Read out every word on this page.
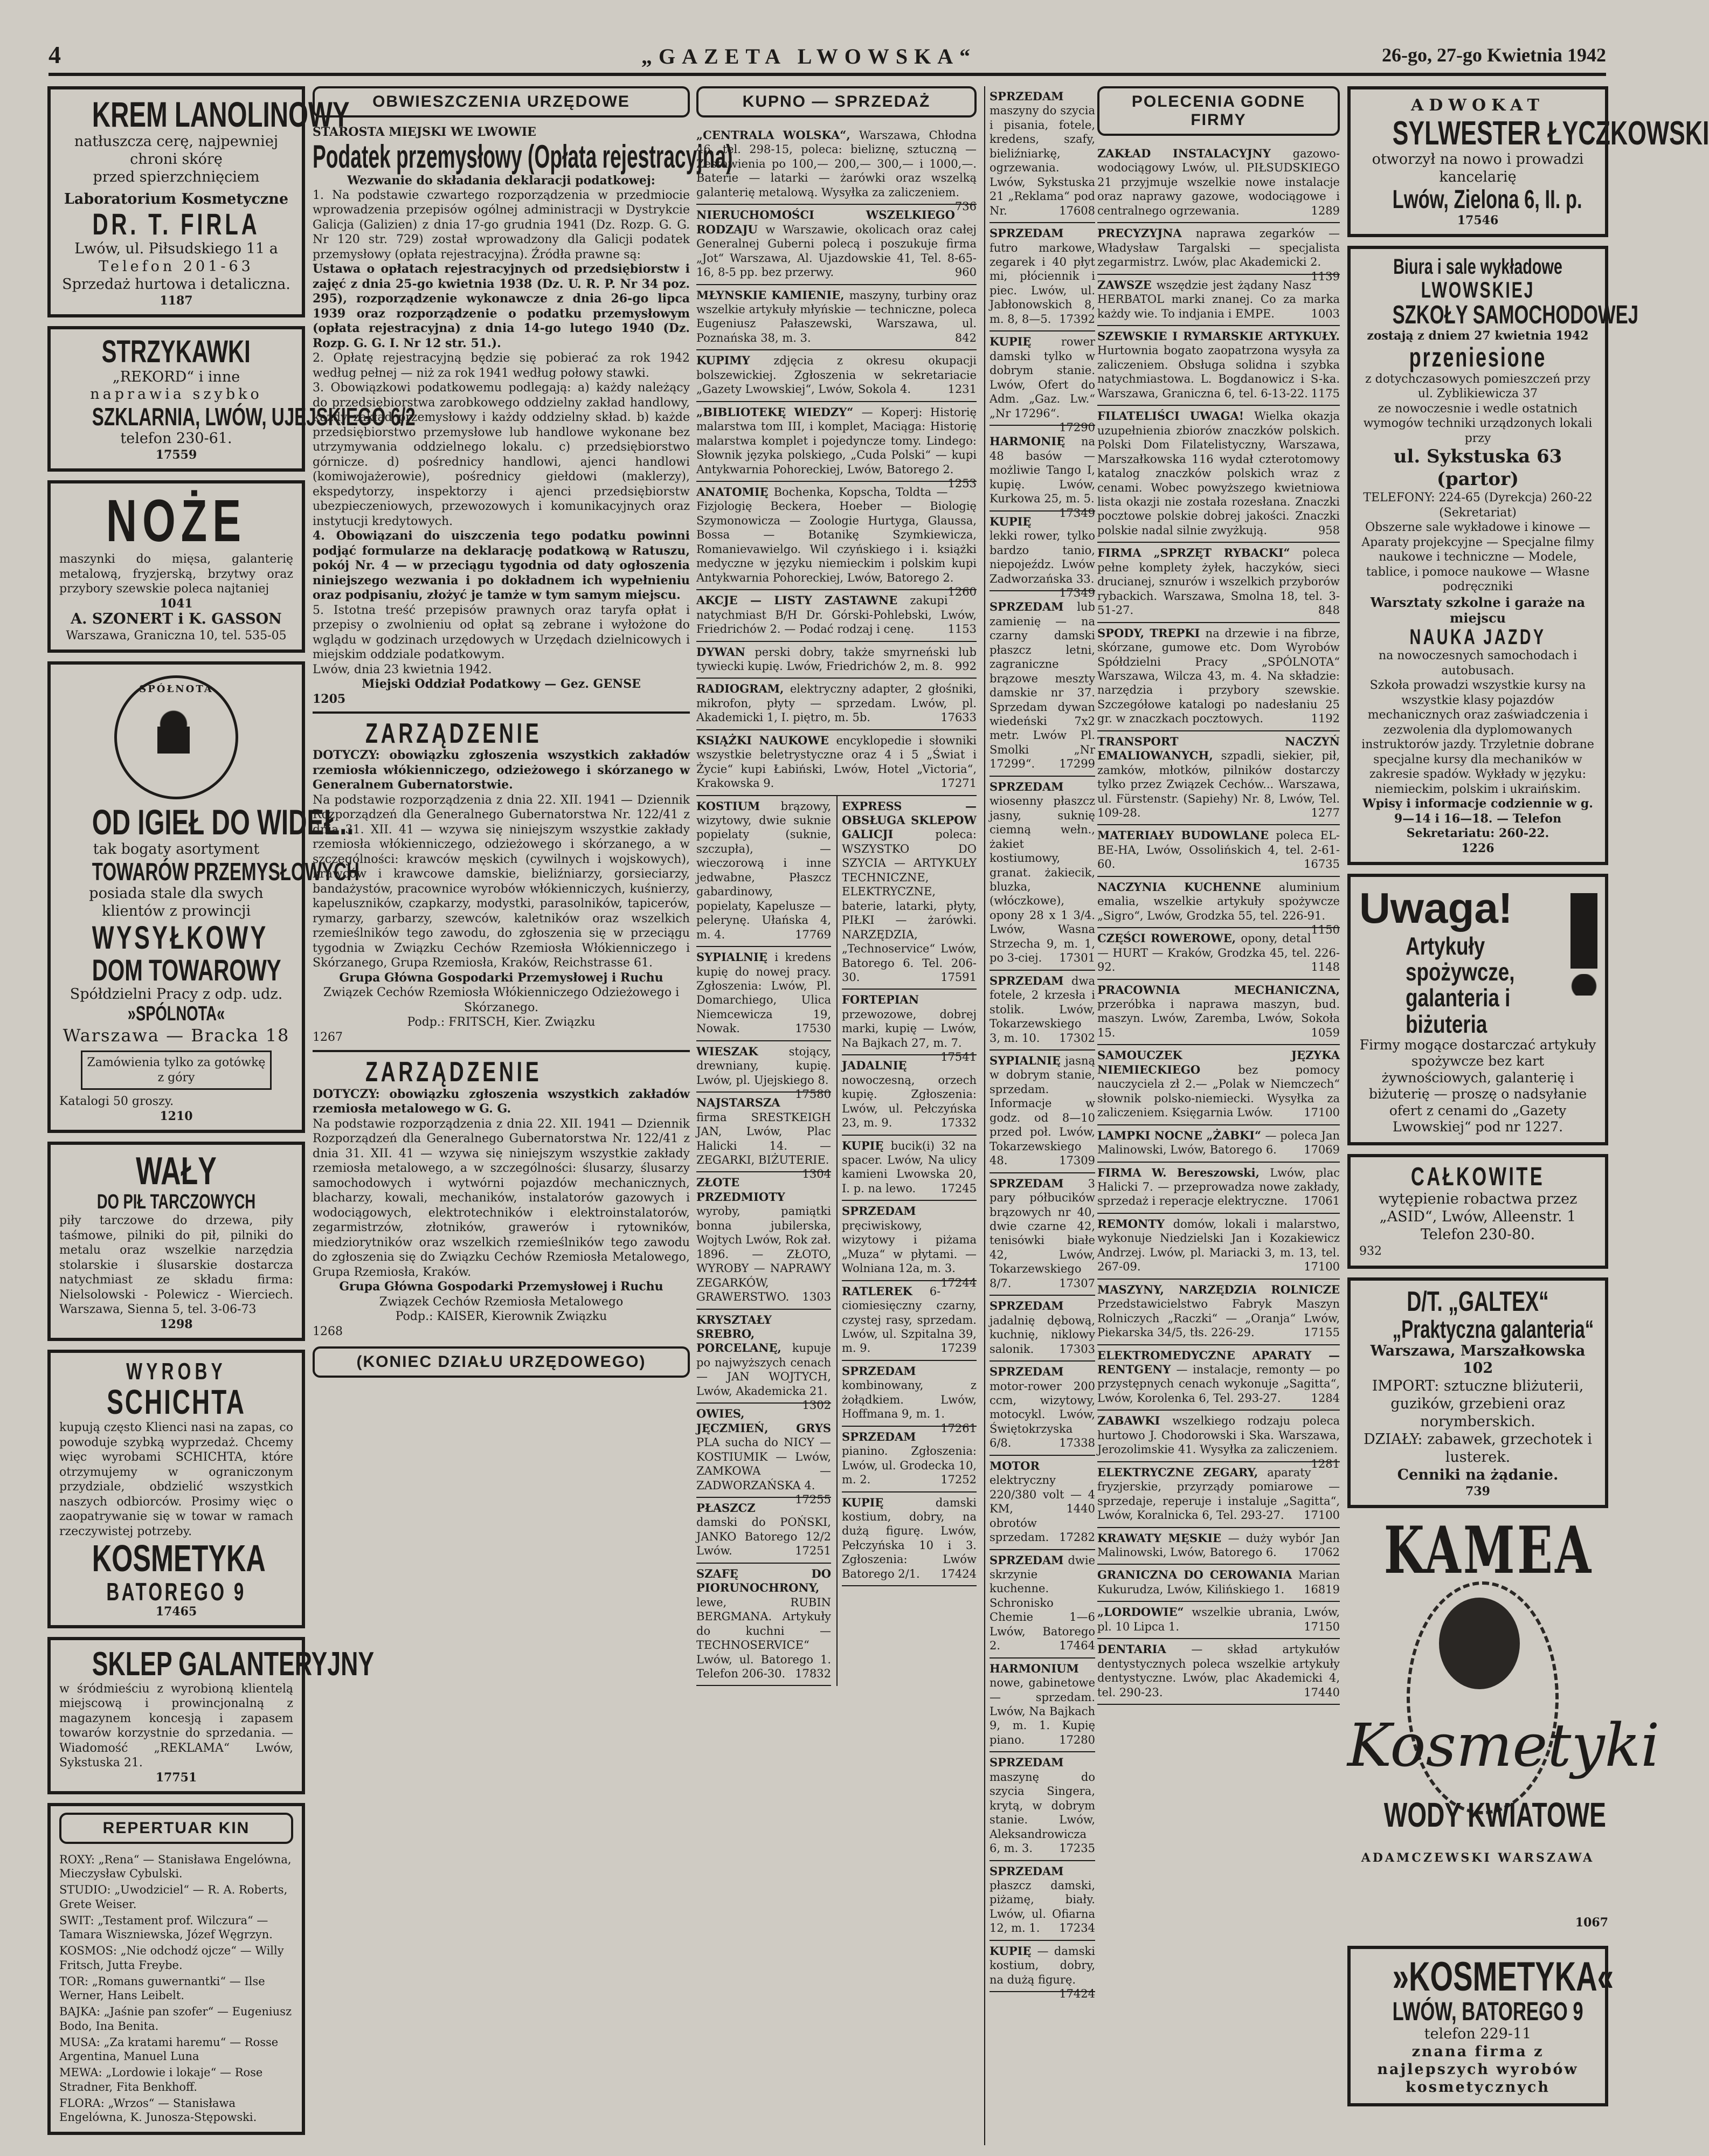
4	„GAZETA LWOWSKA“	26-go, 27-go Kwietnia 1942
KREM LANOLINOWY
natłuszcza cerę, najpewniej chroni skórę
przed spierzchnięciem
Laboratorium Kosmetyczne
DR. T. FIRLA
Lwów, ul. Piłsudskiego 11 a
Telefon 201-63
Sprzedaż hurtowa i detaliczna.
1187
STRZYKAWKI
„REKORD“ i inne
naprawia szybko
SZKLARNIA, LWÓW, UJEJSKIEGO 6/2
telefon 230-61.
17559
NOŻE
maszynki do mięsa, galanterię metalową, fryzjerską, brzytwy oraz przybory szewskie poleca najtaniej
1041
A. SZONERT i K. GASSON
Warszawa, Graniczna 10, tel. 535-05
SPÓŁNOTA
OD IGIEŁ DO WIDEŁ..
tak bogaty asortyment
TOWARÓW PRZEMYSŁOWYCH
posiada stale dla swych klientów z prowincji
WYSYŁKOWY
DOM TOWAROWY
Spółdzielni Pracy z odp. udz.
»SPÓLNOTA«
Warszawa — Bracka 18
Zamówienia tylko za gotówkę z góry
Katalogi 50 groszy.
1210
WAŁY
DO PIŁ TARCZOWYCH
piły tarczowe do drzewa, piły taśmowe, pilniki do pił, pilniki do metalu oraz wszelkie narzędzia stolarskie i ślusarskie dostarcza natychmiast ze składu firma: Nielsolowski - Polewicz - Wierciech. Warszawa, Sienna 5, tel. 3-06-73
1298
WYROBY
SCHICHTA
kupują często Klienci nasi na zapas, co powoduje szybką wyprzedaż. Chcemy więc wyrobami SCHICHTA, które otrzymujemy w ograniczonym przydziale, obdzielić wszystkich naszych odbiorców. Prosimy więc o zaopatrywanie się w towar w ramach rzeczywistej potrzeby.
KOSMETYKA
BATOREGO 9
17465
SKLEP GALANTERYJNY
w śródmieściu z wyrobioną klientelą miejscową i prowincjonalną z magazynem koncesją i zapasem towarów korzystnie do sprzedania. — Wiadomość „REKLAMA“ Lwów, Sykstuska 21.
17751
REPERTUAR KIN
ROXY: „Rena“ — Stanisława Engelówna, Mieczysław Cybulski.
STUDIO: „Uwodziciel“ — R. A. Roberts, Grete Weiser.
SWIT: „Testament prof. Wilczura“ — Tamara Wiszniewska, Józef Węgrzyn.
KOSMOS: „Nie odchodź ojcze“ — Willy Fritsch, Jutta Freybe.
TOR: „Romans guwernantki“ — Ilse Werner, Hans Leibelt.
BAJKA: „Jaśnie pan szofer“ — Eugeniusz Bodo, Ina Benita.
MUSA: „Za kratami haremu“ — Rosse Argentina, Manuel Luna
MEWA: „Lordowie i lokaje“ — Rose Stradner, Fita Benkhoff.
FLORA: „Wrzos“ — Stanisława Engelówna, K. Junosza-Stępowski.
OBWIESZCZENIA URZĘDOWE
STAROSTA MIEJSKI WE LWOWIE
Podatek przemysłowy (Opłata rejestracyjna)
Wezwanie do składania deklaracji podatkowej:
1. Na podstawie czwartego rozporządzenia w przedmiocie wprowadzenia przepisów ogólnej administracji w Dystrykcie Galicja (Galizien) z dnia 17-go grudnia 1941 (Dz. Rozp. G. G. Nr 120 str. 729) został wprowadzony dla Galicji podatek przemysłowy (opłata rejestracyjna). Źródła prawne są:
Ustawa o opłatach rejestracyjnych od przedsiębiorstw i zajęć z dnia 25-go kwietnia 1938 (Dz. U. R. P. Nr 34 poz. 295), rozporządzenie wykonawcze z dnia 26-go lipca 1939 oraz rozporządzenie o podatku przemysłowym (opłata rejestracyjna) z dnia 14-go lutego 1940 (Dz. Rozp. G. G. I. Nr 12 str. 51.).
2. Opłatę rejestracyjną będzie się pobierać za rok 1942 według pełnej — niż za rok 1941 według połowy stawki.
3. Obowiązkowi podatkowemu podlegają: a) każdy należący do przedsiębiorstwa zarobkowego oddzielny zakład handlowy, każdy zakład przemysłowy i każdy oddzielny skład. b) każde przedsiębiorstwo przemysłowe lub handlowe wykonane bez utrzymywania oddzielnego lokalu. c) przedsiębiorstwo górnicze. d) pośrednicy handlowi, ajenci handlowi (komiwojażerowie), pośrednicy giełdowi (maklerzy), ekspedytorzy, inspektorzy i ajenci przedsiębiorstw ubezpieczeniowych, przewozowych i komunikacyjnych oraz instytucji kredytowych.
4. Obowiązani do uiszczenia tego podatku powinni podjąć formularze na deklarację podatkową w Ratuszu, pokój Nr. 4 — w przeciągu tygodnia od daty ogłoszenia niniejszego wezwania i po dokładnem ich wypełnieniu oraz podpisaniu, złożyć je tamże w tym samym miejscu.
5. Istotna treść przepisów prawnych oraz taryfa opłat i przepisy o zwolnieniu od opłat są zebrane i wyłożone do wglądu w godzinach urzędowych w Urzędach dzielnicowych i miejskim oddziale podatkowym.
Lwów, dnia 23 kwietnia 1942.
Miejski Oddział Podatkowy — Gez. GENSE
1205
ZARZĄDZENIE
DOTYCZY: obowiązku zgłoszenia wszystkich zakładów rzemiosła włókienniczego, odzieżowego i skórzanego w Generalnem Gubernatorstwie.
Na podstawie rozporządzenia z dnia 22. XII. 1941 — Dziennik Rozporządzeń dla Generalnego Gubernatorstwa Nr. 122/41 z dnia 31. XII. 41 — wzywa się niniejszym wszystkie zakłady rzemiosła włókienniczego, odzieżowego i skórzanego, a w szczególności: krawców męskich (cywilnych i wojskowych), krawców i krawcowe damskie, bieliźniarzy, gorsieciarzy, bandażystów, pracownice wyrobów włókienniczych, kuśnierzy, kapeluszników, czapkarzy, modystki, parasolników, tapicerów, rymarzy, garbarzy, szewców, kaletników oraz wszelkich rzemieślników tego zawodu, do zgłoszenia się w przeciągu tygodnia w Związku Cechów Rzemiosła Włókienniczego i Skórzanego, Grupa Rzemiosła, Kraków, Reichstrasse 61.
Grupa Główna Gospodarki Przemysłowej i Ruchu
Związek Cechów Rzemiosła Włókienniczego Odzieżowego i Skórzanego.
Podp.: FRITSCH, Kier. Związku
1267
ZARZĄDZENIE
DOTYCZY: obowiązku zgłoszenia wszystkich zakładów rzemiosła metalowego w G. G.
Na podstawie rozporządzenia z dnia 22. XII. 1941 — Dziennik Rozporządzeń dla Generalnego Gubernatorstwa Nr. 122/41 z dnia 31. XII. 41 — wzywa się niniejszym wszystkie zakłady rzemiosła metalowego, a w szczególności: ślusarzy, ślusarzy samochodowych i wytwórni pojazdów mechanicznych, blacharzy, kowali, mechaników, instalatorów gazowych i wodociągowych, elektrotechników i elektroinstalatorów, zegarmistrzów, złotników, grawerów i rytowników, miedziorytników oraz wszelkich rzemieślników tego zawodu do zgłoszenia się do Związku Cechów Rzemiosła Metalowego, Grupa Rzemiosła, Kraków.
Grupa Główna Gospodarki Przemysłowej i Ruchu
Związek Cechów Rzemiosła Metalowego
Podp.: KAISER, Kierownik Związku
1268
(KONIEC DZIAŁU URZĘDOWEGO)
KUPNO — SPRZEDAŻ
„CENTRALA WOLSKA“, Warszawa, Chłodna 46, tel. 298-15, poleca: bieliznę, sztuczną — Zestawienia po 100,— 200,— 300,— i 1000,—. Baterie — latarki — żarówki oraz wszelką galanterię metalową. Wysyłka za zaliczeniem.
736
NIERUCHOMOŚCI WSZELKIEGO RODZAJU w Warszawie, okolicach oraz całej Generalnej Guberni polecą i poszukuje firma „Jot“ Warszawa, Al. Ujazdowskie 41, Tel. 8-65-16, 8-5 pp. bez przerwy.	960
MŁYNSKIE KAMIENIE, maszyny, turbiny oraz wszelkie artykuły młyńskie — techniczne, poleca Eugeniusz Pałaszewski, Warszawa, ul. Poznańska 38, m. 3.	842
KUPIMY zdjęcia z okresu okupacji bolszewickiej. Zgłoszenia w sekretariacie „Gazety Lwowskiej“, Lwów, Sokola 4.	1231
„BIBLIOTEKĘ WIEDZY“ — Koperj: Historię malarstwa tom III, i komplet, Maciąga: Historię malarstwa komplet i pojedyncze tomy. Lindego: Słownik języka polskiego, „Cuda Polski“ — kupi Antykwarnia Pohoreckiej, Lwów, Batorego 2.
1253
ANATOMIĘ Bochenka, Kopscha, Toldta — Fizjologię Beckera, Hoeber — Biologię Szymonowicza — Zoologie Hurtyga, Glaussa, Bossa — Botanikę Szymkiewicza, Romanievawielgo. Wil czyńskiego i i. książki medyczne w języku niemieckim i polskim kupi Antykwarnia Pohoreckiej, Lwów, Batorego 2.
1260
AKCJE — LISTY ZASTAWNE zakupi natychmiast B/H Dr. Górski-Pohlebski, Lwów, Friedrichów 2. — Podać rodzaj i cenę.	1153
DYWAN perski dobry, także smyrneński lub tywiecki kupię. Lwów, Friedrichów 2, m. 8. 992
RADIOGRAM, elektryczny adapter, 2 głośniki, mikrofon, płyty — sprzedam. Lwów, pl. Akademicki 1, I. piętro, m. 5b.	17633
KSIĄŻKI NAUKOWE encyklopedie i słowniki wszystkie beletrystyczne oraz 4 i 5 „Świat i Życie“ kupi Łabiński, Lwów, Hotel „Victoria“, Krakowska 9.	17271
KOSTIUM brązowy, wizytowy, dwie suknie popielaty (suknie, szczupła), — wieczorową i inne jedwabne, Płaszcz gabardinowy, popielaty, Kapelusze — pelerynę. Ułańska 4, m. 4.	17769
SYPIALNIĘ i kredens kupię do nowej pracy. Zgłoszenia: Lwów, Pl. Domarchiego, Ulica Niemcewicza 19, Nowak.	17530
WIESZAK stojący, drewniany, kupię. Lwów, pl. Ujejskiego 8.
17580
NAJSTARSZA firma SRESTKEIGH JAN, Lwów, Plac Halicki 14. — ZEGARKI, BIŻUTERIE.
1304
ZŁOTE PRZEDMIOTY wyroby, pamiątki bonna jubilerska, Wojtych Lwów, Rok zał. 1896. — ZŁOTO, WYROBY — NAPRAWY ZEGARKÓW, GRAWERSTWO. 1303
KRYSZTAŁY SREBRO, PORCELANĘ, kupuje po najwyższych cenach — JAN WOJTYCH, Lwów, Akademicka 21.
1302
OWIES, JĘCZMIEŃ, GRYS PLA sucha do NICY — KOSTIUMIK — Lwów, ZAMKOWA — ZADWORZAŃSKA 4.
17255
PŁASZCZ damski do POŃSKI, JANKO Batorego 12/2 Lwów.	17251
SZAFĘ DO PIORUNOCHRONY, lewe, RUBIN BERGMANA. Artykuły do kuchni — TECHNOSERVICE“ Lwów, ul. Batorego 1. Telefon 206-30. 17832
EXPRESS — OBSŁUGA SKLEPOW GALICJI poleca: WSZYSTKO DO SZYCIA — ARTYKUŁY TECHNICZNE, ELEKTRYCZNE, baterie, latarki, płyty, PIŁKI — żarówki. NARZĘDZIA, „Technoservice“ Lwów, Batorego 6. Tel. 206-30.	17591
FORTEPIAN przewozowe, dobrej marki, kupię — Lwów, Na Bajkach 27, m. 7.
17541
JADALNIĘ nowoczesną, orzech kupię. Zgłoszenia: Lwów, ul. Pełczyńska 23, m. 9.	17332
KUPIĘ bucik(i) 32 na spacer. Lwów, Na ulicy kamieni Lwowska 20, I. p. na lewo. 17245
SPRZEDAM pręciwiskowy, wizytowy i piżama „Muza“ w płytami. — Wolniana 12a, m. 3.
17244
RATLEREK 6-ciomiesięczny czarny, czystej rasy, sprzedam. Lwów, ul. Szpitalna 39, m. 9.	17239
SPRZEDAM kombinowany, z żołądkiem. Lwów, Hoffmana 9, m. 1.
17261
SPRZEDAM pianino. Zgłoszenia: Lwów, ul. Grodecka 10, m. 2.	17252
KUPIĘ damski kostium, dobry, na dużą figurę. Lwów, Pełczyńska 10 i 3. Zgłoszenia: Lwów Batorego 2/1. 17424
SPRZEDAM maszyny do szycia i pisania, fotele, kredens, szafy, bieliźniarkę, ogrzewania. Lwów, Sykstuska 21 „Reklama“ pod Nr.	17608
SPRZEDAM futro markowe, zegarek i 40 płyt mi, płóciennik i piec. Lwów, ul. Jabłonowskich 8, m. 8, 8—5. 17392
KUPIĘ rower damski tylko w dobrym stanie. Lwów, Ofert do Adm. „Gaz. Lw.“ „Nr 17296“.
17290
HARMONIĘ na 48 basów — możliwie Tango I, kupię. Lwów, Kurkowa 25, m. 5.
17349
KUPIĘ lekki rower, tylko bardzo tanio, niepojeźdz. Lwów Zadworzańska 33.
17349
SPRZEDAM lub zamienię — na czarny damski płaszcz letni, zagraniczne brązowe meszty damskie nr 37. Sprzedam dywan wiedeński 7x2 metr. Lwów Pl. Smolki „Nr 17299“. 17299
SPRZEDAM wiosenny płaszcz jasny, suknię ciemną wełn., żakiet kostiumowy, granat. żakiecik, bluzka, (włóczkowe), opony 28 x 1 3/4. Lwów, Wasna Strzecha 9, m. 1, po 3-ciej. 17301
SPRZEDAM dwa fotele, 2 krzesła i stolik. Lwów, Tokarzewskiego 3, m. 10. 17302
SYPIALNIĘ jasną w dobrym stanie, sprzedam. Informacje w godz. od 8—10 przed poł. Lwów, Tokarzewskiego 48.	17309
SPRZEDAM 3 pary półbucików brązowych nr 40, dwie czarne 42, tenisówki białe 42, Lwów, Tokarzewskiego 8/7.	17307
SPRZEDAM jadalnię dębową, kuchnię, niklowy salonik. 17303
SPRZEDAM motor-rower 200 ccm, wizytowy, motocykl. Lwów, Świętokrzyska 6/8.	17338
MOTOR elektryczny 220/380 volt — 4 KM, 1440 obrotów sprzedam. 17282
SPRZEDAM dwie skrzynie kuchenne. Schronisko Chemie 1—6 Lwów, Batorego 2.	17464
HARMONIUM nowe, gabinetowe — sprzedam. Lwów, Na Bajkach 9, m. 1. Kupię piano.	17280
SPRZEDAM maszynę do szycia Singera, krytą, w dobrym stanie. Lwów, Aleksandrowicza 6, m. 3. 17235
SPRZEDAM płaszcz damski, piżamę, biały. Lwów, ul. Ofiarna 12, m. 1. 17234
KUPIĘ — damski kostium, dobry, na dużą figurę.
17424
POLECENIA GODNE FIRMY
ZAKŁAD INSTALACYJNY gazowo-wodociągowy Lwów, ul. PIŁSUDSKIEGO 21 przyjmuje wszelkie nowe instalacje oraz naprawy gazowe, wodociągowe i centralnego ogrzewania.	1289
PRECYZYJNA naprawa zegarków — Władysław Targalski — specjalista zegarmistrz. Lwów, plac Akademicki 2.
1139
ZAWSZE wszędzie jest żądany Nasz HERBATOL marki znanej. Co za marka każdy wie. To indjania i EMPE.	1003
SZEWSKIE I RYMARSKIE ARTYKUŁY. Hurtownia bogato zaopatrzona wysyła za zaliczeniem. Obsługa solidna i szybka natychmiastowa. L. Bogdanowicz i S-ka. Warszawa, Graniczna 6, tel. 6-13-22. 1175
FILATELIŚCI UWAGA! Wielka okazja uzupełnienia zbiorów znaczków polskich. Polski Dom Filatelistyczny, Warszawa, Marszałkowska 116 wydał czterotomowy katalog znaczków polskich wraz z cenami. Wobec powyższego kwietniowa lista okazji nie została rozesłana. Znaczki pocztowe polskie dobrej jakości. Znaczki polskie nadal silnie zwyżkują.	958
FIRMA „SPRZĘT RYBACKI“ poleca pełne komplety żyłek, haczyków, sieci drucianej, sznurów i wszelkich przyborów rybackich. Warszawa, Smolna 18, tel. 3-51-27.	848
SPODY, TREPKI na drzewie i na fibrze, skórzane, gumowe etc. Dom Wyrobów Spółdzielni Pracy „SPÓLNOTA“ Warszawa, Wilcza 43, m. 4. Na składzie: narzędzia i przybory szewskie. Szczegółowe katalogi po nadesłaniu 25 gr. w znaczkach pocztowych.	1192
TRANSPORT NACZYŃ EMALIOWANYCH, szpadli, siekier, pił, zamków, młotków, pilników dostarczy tylko przez Związek Cechów... Warszawa, ul. Fürstenstr. (Sapiehy) Nr. 8, Lwów, Tel. 109-28.	1277
MATERIAŁY BUDOWLANE poleca EL-BE-HA, Lwów, Ossolińskich 4, tel. 2-61-60.	16735
NACZYNIA KUCHENNE aluminium emalia, wszelkie artykuły spożywcze „Sigro“, Lwów, Grodzka 55, tel. 226-91.
1150
CZĘŚCI ROWEROWE, opony, detal — HURT — Kraków, Grodzka 45, tel. 226-92.	1148
PRACOWNIA MECHANICZNA, przeróbka i naprawa maszyn, bud. maszyn. Lwów, Zaremba, Lwów, Sokoła 15.	1059
SAMOUCZEK JĘZYKA NIEMIECKIEGO bez pomocy nauczyciela zł 2.— „Polak w Niemczech“ słownik polsko-niemiecki. Wysyłka za zaliczeniem. Księgarnia Lwów.	17100
LAMPKI NOCNE „ŻABKI“ — poleca Jan Malinowski, Lwów, Batorego 6. 17069
FIRMA W. Bereszowski, Lwów, plac Halicki 7. — przeprowadza nowe zakłady, sprzedaż i reperacje elektryczne. 17061
REMONTY domów, lokali i malarstwo, wykonuje Niedzielski Jan i Kozakiewicz Andrzej. Lwów, pl. Mariacki 3, m. 13, tel. 267-09.	17100
MASZYNY, NARZĘDZIA ROLNICZE Przedstawicielstwo Fabryk Maszyn Rolniczych „Raczki“ — „Oranja“ Lwów, Piekarska 34/5, tłs. 226-29.	17155
ELEKTROMEDYCZNE APARATY — RENTGENY — instalacje, remonty — po przystępnych cenach wykonuje „Sagitta“, Lwów, Korolenka 6, Tel. 293-27.	1284
ZABAWKI wszelkiego rodzaju poleca hurtowo J. Chodorowski i Ska. Warszawa, Jerozolimskie 41. Wysyłka za zaliczeniem.
1281
ELEKTRYCZNE ZEGARY, aparaty fryzjerskie, przyrządy pomiarowe — sprzedaje, reperuje i instaluje „Sagitta“, Lwów, Koralnicka 6, Tel. 293-27. 17100
KRAWATY MĘSKIE — duży wybór Jan Malinowski, Lwów, Batorego 6. 17062
GRANICZNA DO CEROWANIA Marian Kukurudza, Lwów, Kilińskiego 1. 16819
„LORDOWIE“ wszelkie ubrania, Lwów, pl. 10 Lipca 1.	17150
DENTARIA — skład artykułów dentystycznych poleca wszelkie artykuły dentystyczne. Lwów, plac Akademicki 4, tel. 290-23.	17440
ADWOKAT
SYLWESTER ŁYCZKOWSKI
otworzył na nowo i prowadzi kancelarię
Lwów, Zielona 6, II. p.
17546
Biura i sale wykładowe
LWOWSKIEJ
SZKOŁY SAMOCHODOWEJ
zostają z dniem 27 kwietnia 1942
przeniesione
z dotychczasowych pomieszczeń przy ul. Zyblikiewicza 37
ze nowoczesnie i wedle ostatnich wymogów techniki urządzonych lokali przy
ul. Sykstuska 63 (partor)
TELEFONY: 224-65 (Dyrekcja) 260-22 (Sekretariat)
Obszerne sale wykładowe i kinowe — Aparaty projekcyjne — Specjalne filmy naukowe i techniczne — Modele, tablice, i pomoce naukowe — Własne podręczniki
Warsztaty szkolne i garaże na miejscu
NAUKA JAZDY
na nowoczesnych samochodach i autobusach.
Szkoła prowadzi wszystkie kursy na wszystkie klasy pojazdów mechanicznych oraz zaświadczenia i zezwolenia dla dyplomowanych instruktorów jazdy. Trzyletnie dobrane specjalne kursy dla mechaników w zakresie spadów. Wykłady w języku: niemieckim, polskim i ukraińskim.
Wpisy i informacje codziennie w g. 9—14 i 16—18. — Telefon Sekretariatu: 260-22.
1226
Uwaga!
Artykuły spożywcze, galanteria i biżuteria
Firmy mogące dostarczać artykuły spożywcze bez kart żywnościowych, galanterię i biżuterię — proszę o nadsyłanie ofert z cenami do „Gazety Lwowskiej“ pod nr 1227.
CAŁKOWITE
wytępienie robactwa przez „ASID“, Lwów, Alleenstr. 1
Telefon 230-80.
932
D/T. „GALTEX“
„Praktyczna galanteria“
Warszawa, Marszałkowska 102
IMPORT: sztuczne bliżuterii, guzików, grzebieni oraz norymberskich.
DZIAŁY: zabawek, grzechotek i lusterek.
Cenniki na żądanie.
739
KAMEA
Kosmetyki
WODY KWIATOWE
ADAMCZEWSKI WARSZAWA
1067
»KOSMETYKA«
LWÓW, BATOREGO 9
telefon 229-11
znana firma z najlepszych wyrobów kosmetycznych
